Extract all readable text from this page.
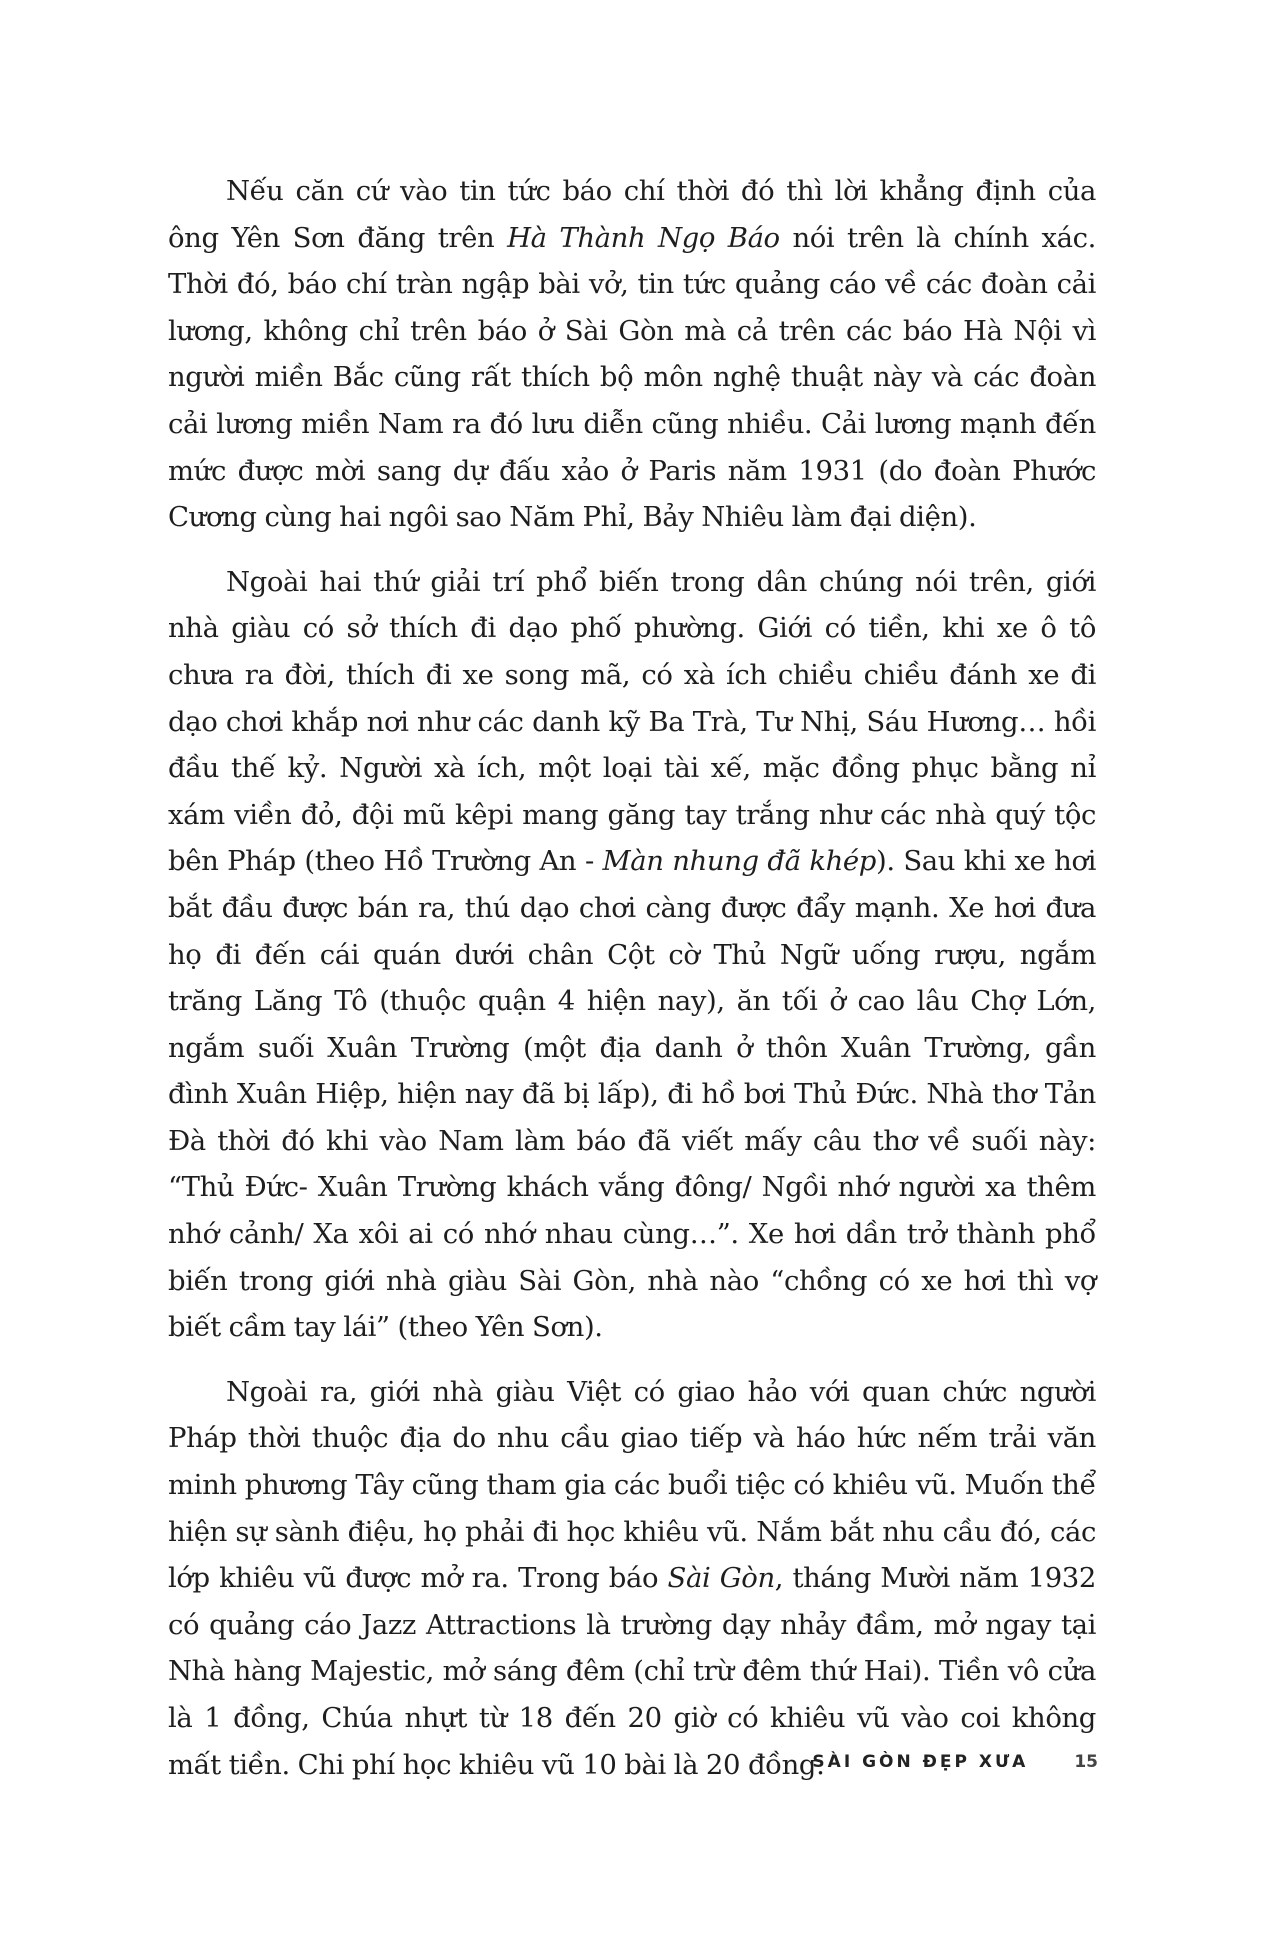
Nếu căn cứ vào tin tức báo chí thời đó thì lời khẳng định của ông Yên Sơn đăng trên Hà Thành Ngọ Báo nói trên là chính xác. Thời đó, báo chí tràn ngập bài vở, tin tức quảng cáo về các đoàn cải lương, không chỉ trên báo ở Sài Gòn mà cả trên các báo Hà Nội vì người miền Bắc cũng rất thích bộ môn nghệ thuật này và các đoàn cải lương miền Nam ra đó lưu diễn cũng nhiều. Cải lương mạnh đến mức được mời sang dự đấu xảo ở Paris năm 1931 (do đoàn Phước Cương cùng hai ngôi sao Năm Phỉ, Bảy Nhiêu làm đại diện).

Ngoài hai thứ giải trí phổ biến trong dân chúng nói trên, giới nhà giàu có sở thích đi dạo phố phường. Giới có tiền, khi xe ô tô chưa ra đời, thích đi xe song mã, có xà ích chiều chiều đánh xe đi dạo chơi khắp nơi như các danh kỹ Ba Trà, Tư Nhị, Sáu Hương… hồi đầu thế kỷ. Người xà ích, một loại tài xế, mặc đồng phục bằng nỉ xám viền đỏ, đội mũ kêpi mang găng tay trắng như các nhà quý tộc bên Pháp (theo Hồ Trường An - Màn nhung đã khép). Sau khi xe hơi bắt đầu được bán ra, thú dạo chơi càng được đẩy mạnh. Xe hơi đưa họ đi đến cái quán dưới chân Cột cờ Thủ Ngữ uống rượu, ngắm trăng Lăng Tô (thuộc quận 4 hiện nay), ăn tối ở cao lâu Chợ Lớn, ngắm suối Xuân Trường (một địa danh ở thôn Xuân Trường, gần đình Xuân Hiệp, hiện nay đã bị lấp), đi hồ bơi Thủ Đức. Nhà thơ Tản Đà thời đó khi vào Nam làm báo đã viết mấy câu thơ về suối này: “Thủ Đức- Xuân Trường khách vắng đông/ Ngồi nhớ người xa thêm nhớ cảnh/ Xa xôi ai có nhớ nhau cùng…”. Xe hơi dần trở thành phổ biến trong giới nhà giàu Sài Gòn, nhà nào “chồng có xe hơi thì vợ biết cầm tay lái” (theo Yên Sơn).

Ngoài ra, giới nhà giàu Việt có giao hảo với quan chức người Pháp thời thuộc địa do nhu cầu giao tiếp và háo hức nếm trải văn minh phương Tây cũng tham gia các buổi tiệc có khiêu vũ. Muốn thể hiện sự sành điệu, họ phải đi học khiêu vũ. Nắm bắt nhu cầu đó, các lớp khiêu vũ được mở ra. Trong báo Sài Gòn, tháng Mười năm 1932 có quảng cáo Jazz Attractions là trường dạy nhảy đầm, mở ngay tại Nhà hàng Majestic, mở sáng đêm (chỉ trừ đêm thứ Hai). Tiền vô cửa là 1 đồng, Chúa nhựt từ 18 đến 20 giờ có khiêu vũ vào coi không mất tiền. Chi phí học khiêu vũ 10 bài là 20 đồng.

SÀI GÒN ĐẸP XƯA	15
